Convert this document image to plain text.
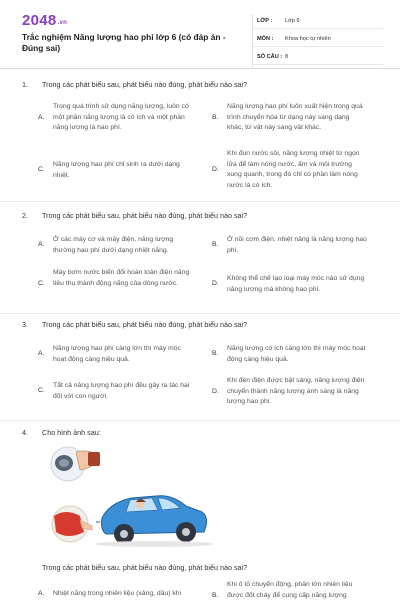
2048.vn
Trắc nghiệm Năng lượng hao phí lớp 6 (có đáp án - Đúng sai)
LỚP :	Lớp 6
MÔN :	Khoa học tự nhiên
SỐ CÂU : 8
1. Trong các phát biểu sau, phát biểu nào đúng, phát biểu nào sai?
A.
Trong quá trình sử dụng năng lượng, luôn có một phần năng lượng là có ích và một phần năng lượng là hao phí.
B.
Năng lượng hao phí luôn xuất hiện trong quá trình chuyển hóa từ dạng này sang dạng khác, từ vật này sang vật khác.
C.
Năng lượng hao phí chỉ sinh ra dưới dạng nhiệt.
D.
Khi đun nước sôi, năng lượng nhiệt từ ngọn lửa để làm nóng nước, ấm và môi trường xung quanh, trong đó chỉ có phần làm nóng nước là có ích.
2. Trong các phát biểu sau, phát biểu nào đúng, phát biểu nào sai?
A.
Ở các máy cơ và máy điện, năng lượng thường hao phí dưới dạng nhiệt năng.
B.
Ở nồi cơm điện, nhiệt năng là năng lượng hao phí.
C.
Máy bơm nước biến đổi hoàn toàn điện năng tiêu thụ thành động năng của dòng nước.	D.
Không thể chế tạo loại máy móc nào sử dụng năng lượng mà không hao phí.
3. Trong các phát biểu sau, phát biểu nào đúng, phát biểu nào sai?
A.
Năng lượng hao phí càng lớn thì máy móc hoạt động càng hiệu quả.
B.
Năng lượng có ích càng lớn thì máy móc hoạt động càng hiệu quả.
C.
Tất cả năng lượng hao phí đều gây ra tác hại đối với con người.
D.
Khi đèn điện được bật sáng, năng lượng điện chuyển thành năng lượng ánh sáng là năng lượng hao phí.
4. Cho hình ảnh sau:
Trong các phát biểu sau, phát biểu nào đúng, phát biểu nào sai?
A. Nhiệt năng trong nhiên liệu (xăng, dầu) khi	B.
Khi ô tô chuyển động, phần lớn nhiên liệu được đốt cháy để cung cấp năng lượng
